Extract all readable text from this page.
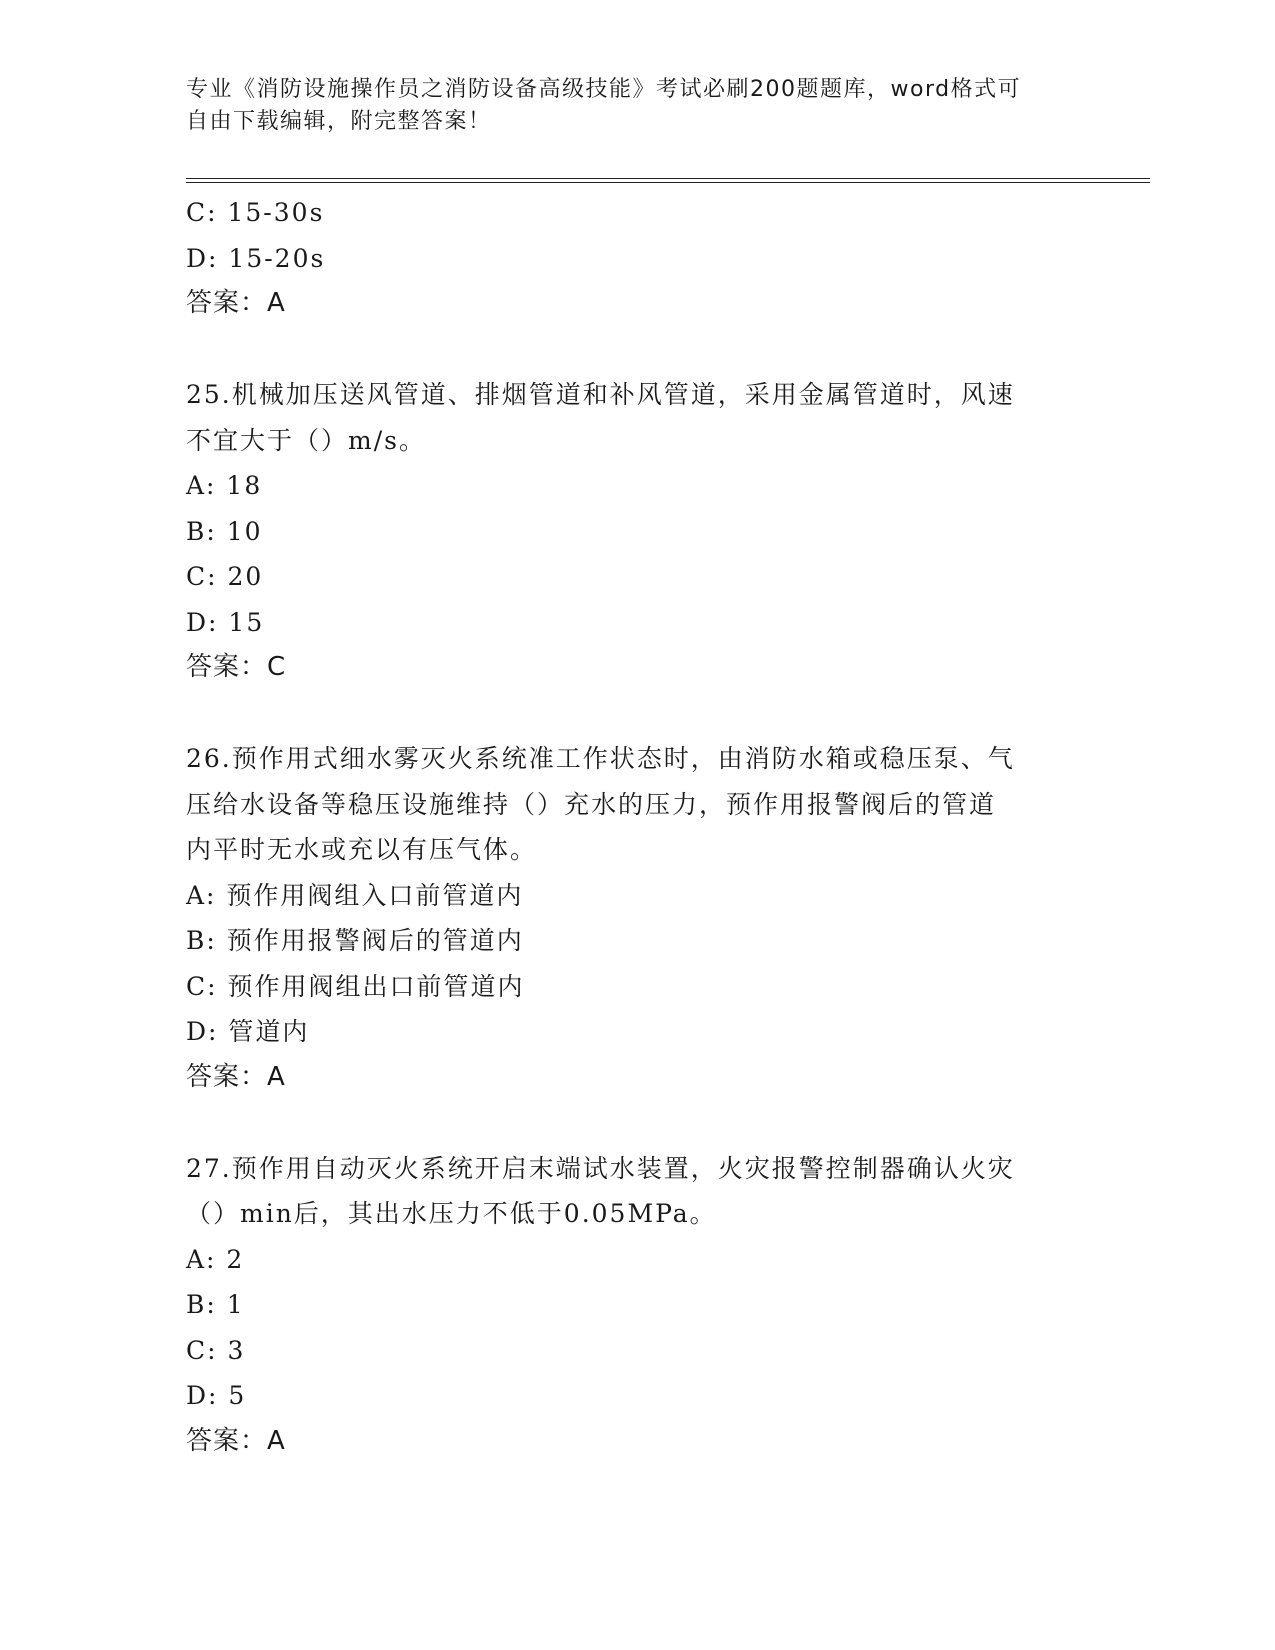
专业《消防设施操作员之消防设备高级技能》考试必刷200题题库，word格式可
自由下载编辑，附完整答案！
C: 15-30s
D: 15-20s
答案：A
25.机械加压送风管道、排烟管道和补风管道，采用金属管道时，风速
不宜大于（）m/s。
A: 18
B: 10
C: 20
D: 15
答案：C
26.预作用式细水雾灭火系统准工作状态时，由消防水箱或稳压泵、气
压给水设备等稳压设施维持（）充水的压力，预作用报警阀后的管道
内平时无水或充以有压气体。
A: 预作用阀组入口前管道内
B: 预作用报警阀后的管道内
C: 预作用阀组出口前管道内
D: 管道内
答案：A
27.预作用自动灭火系统开启末端试水装置，火灾报警控制器确认火灾
（）min后，其出水压力不低于0.05MPa。
A: 2
B: 1
C: 3
D: 5
答案：A
